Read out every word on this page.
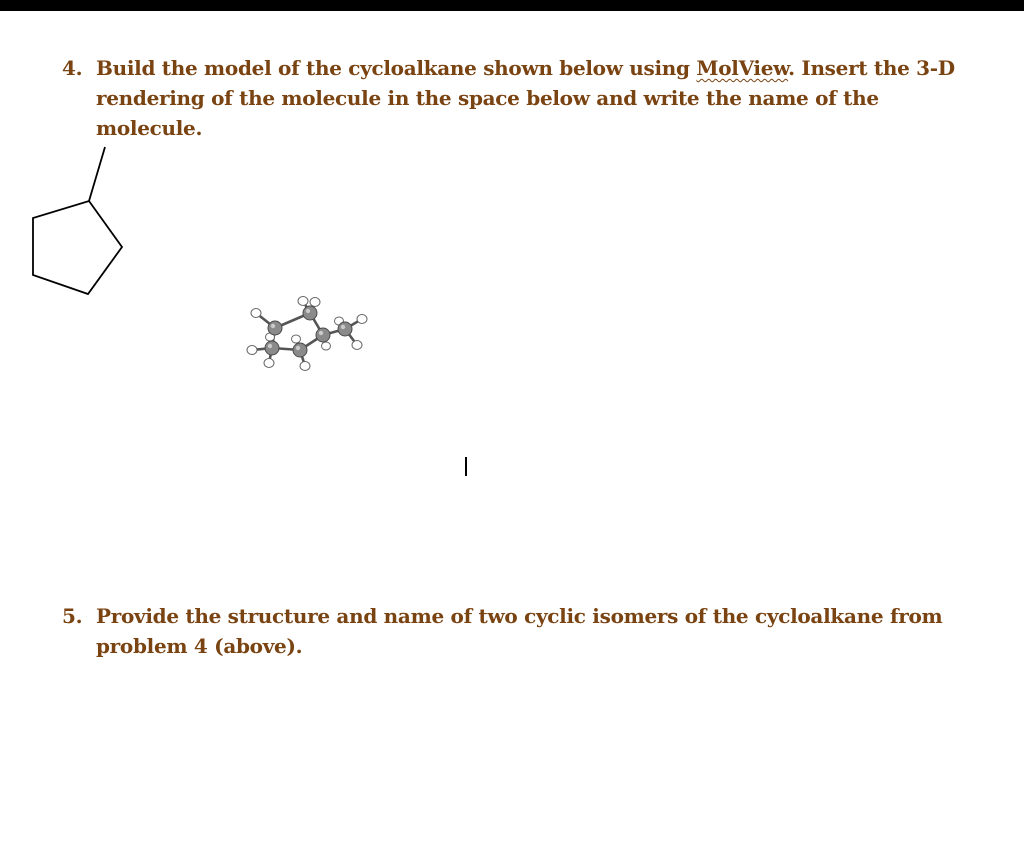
4. Build the model of the cycloalkane shown below using MolView. Insert the 3-D rendering of the molecule in the space below and write the name of the molecule.
5. Provide the structure and name of two cyclic isomers of the cycloalkane from problem 4 (above).
